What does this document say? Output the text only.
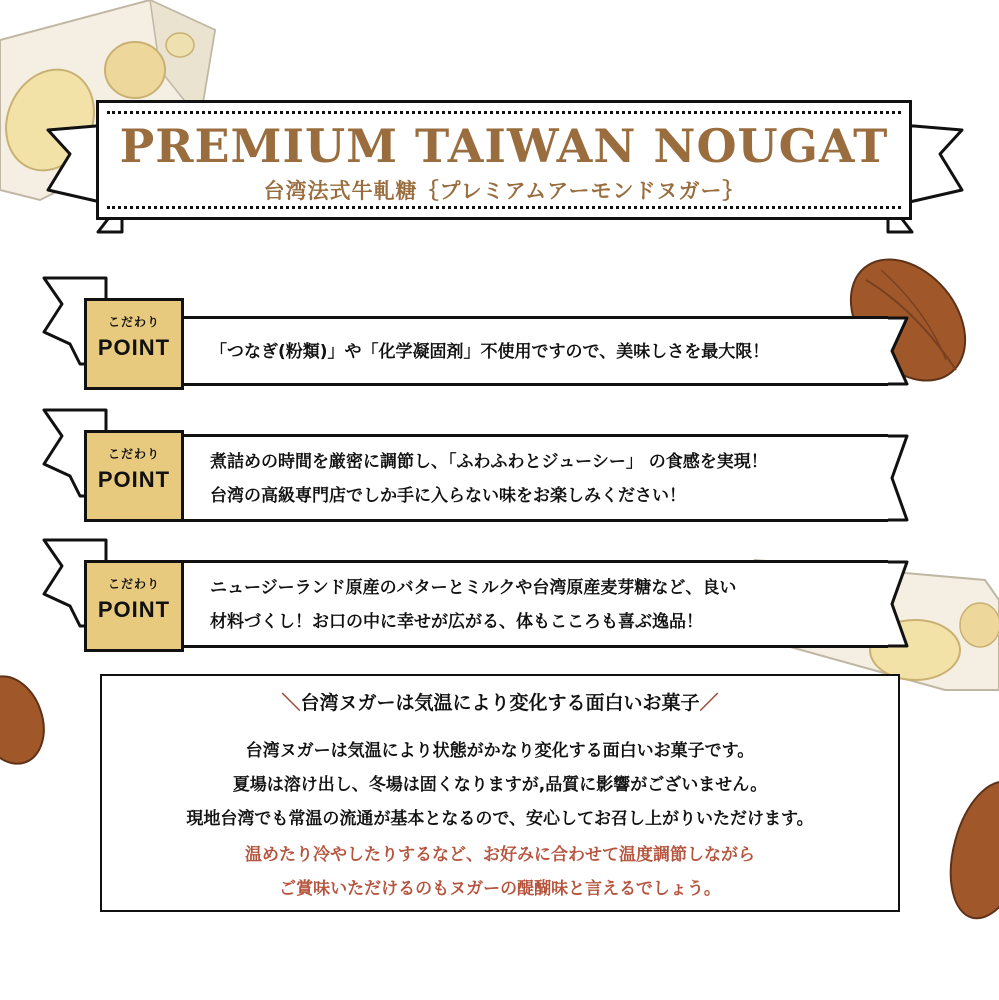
PREMIUM TAIWAN NOUGAT
台湾法式牛軋糖｛プレミアムアーモンドヌガー｝
「つなぎ(粉類)」や「化学凝固剤」不使用ですので、美味しさを最大限！
こだわり
POINT
煮詰めの時間を厳密に調節し、「ふわふわとジューシー」 の食感を実現！
台湾の高級専門店でしか手に入らない味をお楽しみください！
こだわり
POINT
ニュージーランド原産のバターとミルクや台湾原産麦芽糖など、良い
材料づくし！お口の中に幸せが広がる、体もこころも喜ぶ逸品！
こだわり
POINT
＼台湾ヌガーは気温により変化する面白いお菓子／
台湾ヌガーは気温により状態がかなり変化する面白いお菓子です。
夏場は溶け出し、冬場は固くなりますが,品質に影響がございません。
現地台湾でも常温の流通が基本となるので、安心してお召し上がりいただけます。
温めたり冷やしたりするなど、お好みに合わせて温度調節しながら
ご賞味いただけるのもヌガーの醍醐味と言えるでしょう。
